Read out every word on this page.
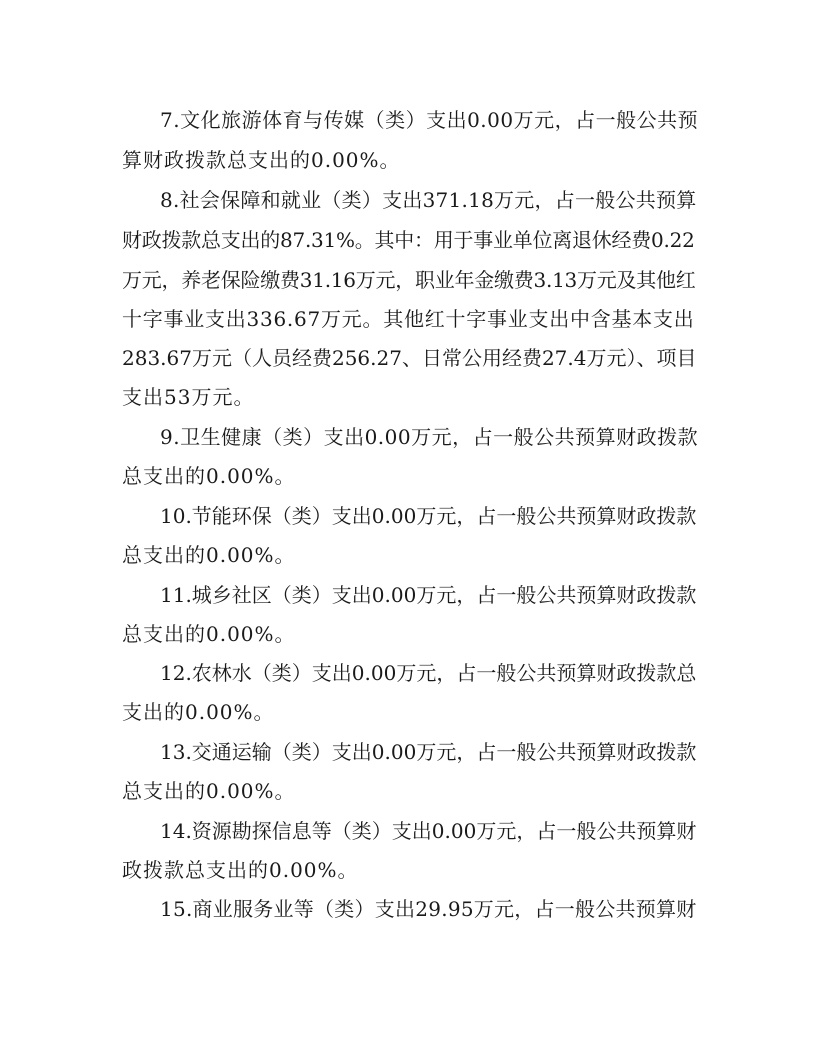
7.文化旅游体育与传媒（类）支出0.00万元，占一般公共预
算财政拨款总支出的0.00%。
8.社会保障和就业（类）支出371.18万元，占一般公共预算
财政拨款总支出的87.31%。其中：用于事业单位离退休经费0.22
万元，养老保险缴费31.16万元，职业年金缴费3.13万元及其他红
十字事业支出336.67万元。其他红十字事业支出中含基本支出
283.67万元（人员经费256.27、日常公用经费27.4万元）、项目
支出53万元。
9.卫生健康（类）支出0.00万元，占一般公共预算财政拨款
总支出的0.00%。
10.节能环保（类）支出0.00万元，占一般公共预算财政拨款
总支出的0.00%。
11.城乡社区（类）支出0.00万元，占一般公共预算财政拨款
总支出的0.00%。
12.农林水（类）支出0.00万元，占一般公共预算财政拨款总
支出的0.00%。
13.交通运输（类）支出0.00万元，占一般公共预算财政拨款
总支出的0.00%。
14.资源勘探信息等（类）支出0.00万元，占一般公共预算财
政拨款总支出的0.00%。
15.商业服务业等（类）支出29.95万元，占一般公共预算财
